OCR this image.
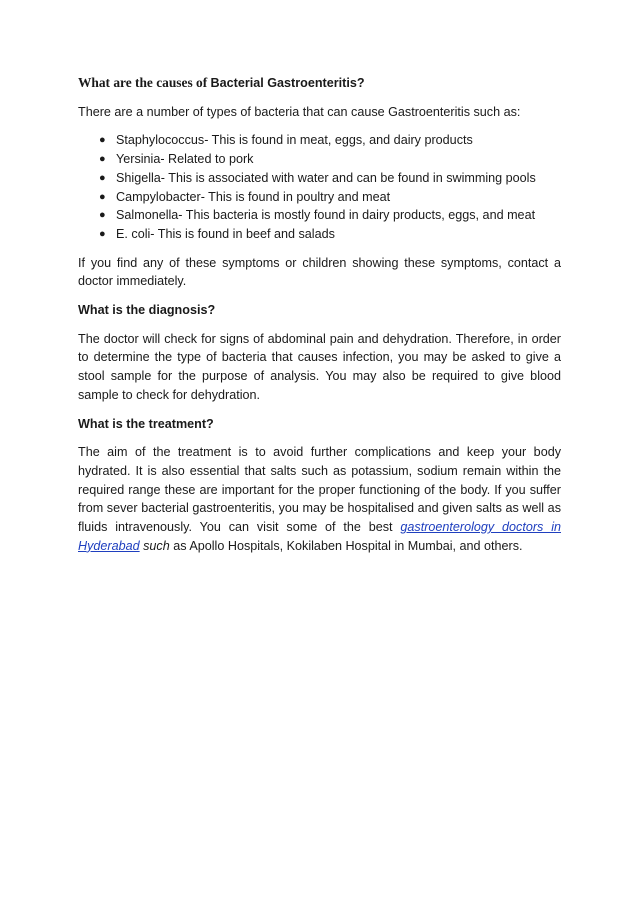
What are the causes of Bacterial Gastroenteritis?

There are a number of types of bacteria that can cause Gastroenteritis such as:

● Staphylococcus- This is found in meat, eggs, and dairy products
● Yersinia- Related to pork
● Shigella- This is associated with water and can be found in swimming pools
● Campylobacter- This is found in poultry and meat
● Salmonella- This bacteria is mostly found in dairy products, eggs, and meat
● E. coli- This is found in beef and salads

If you find any of these symptoms or children showing these symptoms, contact a doctor immediately.

What is the diagnosis?

The doctor will check for signs of abdominal pain and dehydration. Therefore, in order to determine the type of bacteria that causes infection, you may be asked to give a stool sample for the purpose of analysis. You may also be required to give blood sample to check for dehydration.

What is the treatment?

The aim of the treatment is to avoid further complications and keep your body hydrated. It is also essential that salts such as potassium, sodium remain within the required range these are important for the proper functioning of the body. If you suffer from sever bacterial gastroenteritis, you may be hospitalised and given salts as well as fluids intravenously. You can visit some of the best gastroenterology doctors in Hyderabad such as Apollo Hospitals, Kokilaben Hospital in Mumbai, and others.
